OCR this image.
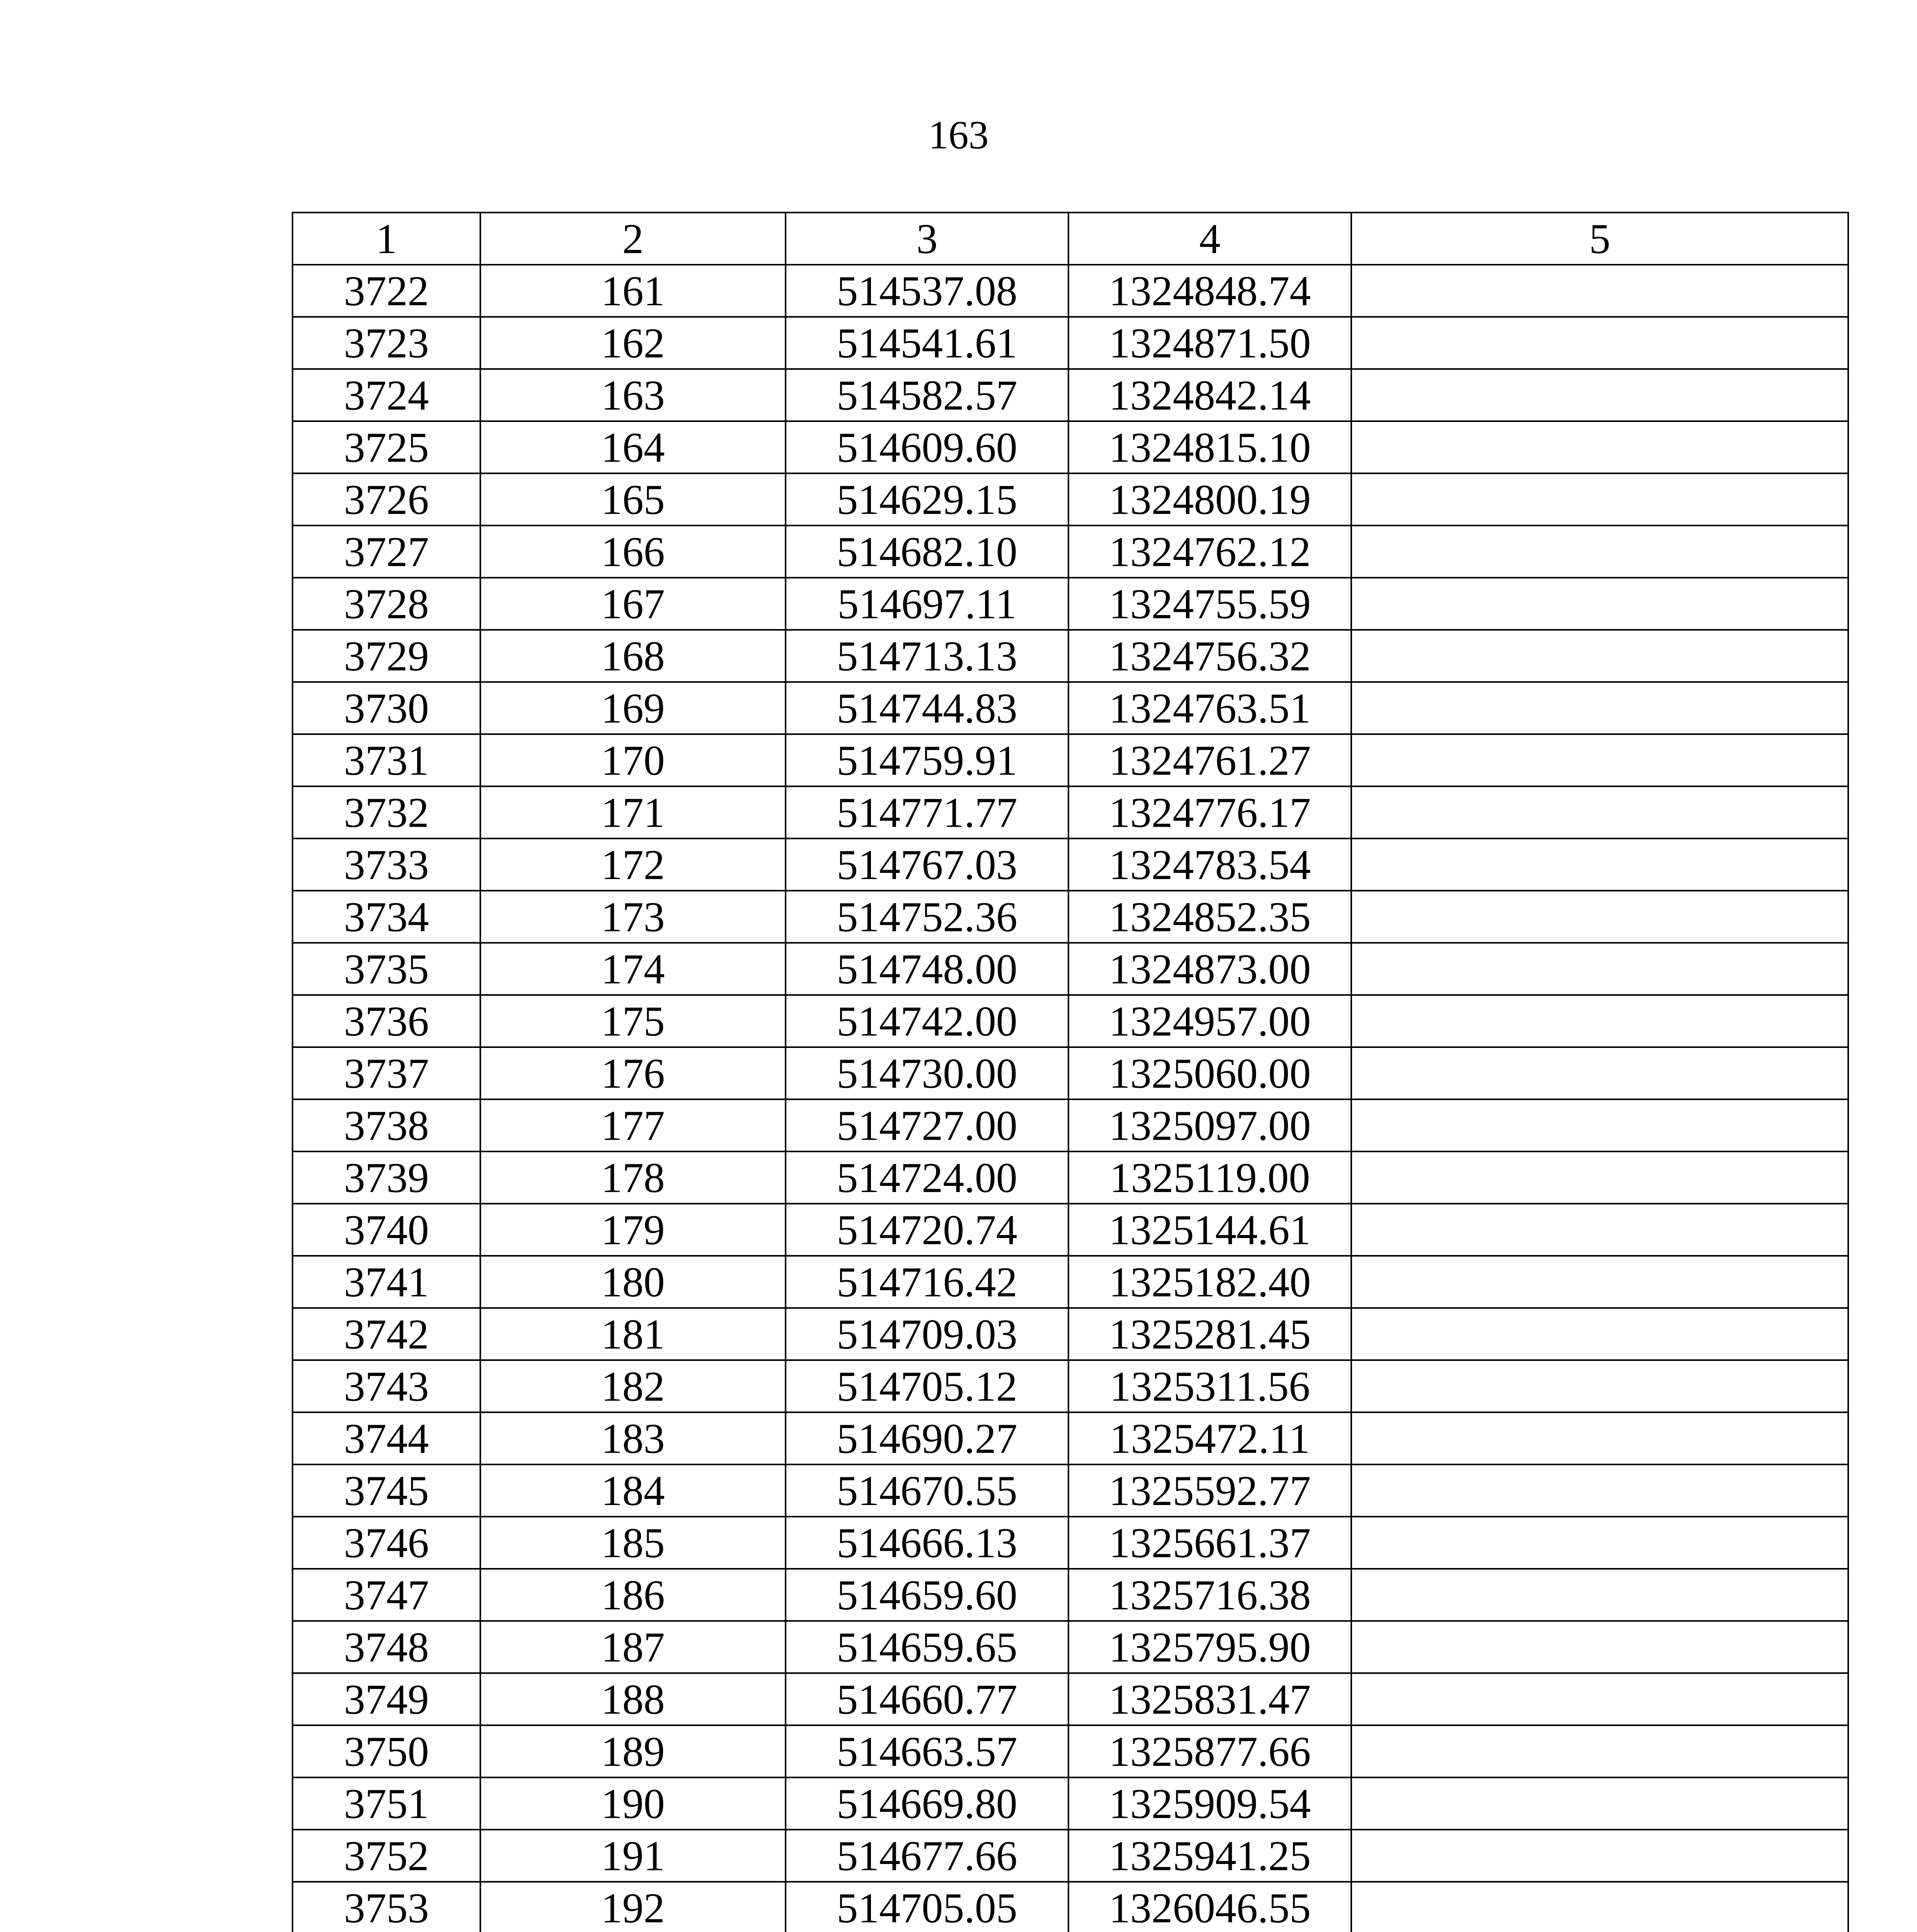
163
1	2	3	4	5
3722	161	514537.08	1324848.74	
3723	162	514541.61	1324871.50	
3724	163	514582.57	1324842.14	
3725	164	514609.60	1324815.10	
3726	165	514629.15	1324800.19	
3727	166	514682.10	1324762.12	
3728	167	514697.11	1324755.59	
3729	168	514713.13	1324756.32	
3730	169	514744.83	1324763.51	
3731	170	514759.91	1324761.27	
3732	171	514771.77	1324776.17	
3733	172	514767.03	1324783.54	
3734	173	514752.36	1324852.35	
3735	174	514748.00	1324873.00	
3736	175	514742.00	1324957.00	
3737	176	514730.00	1325060.00	
3738	177	514727.00	1325097.00	
3739	178	514724.00	1325119.00	
3740	179	514720.74	1325144.61	
3741	180	514716.42	1325182.40	
3742	181	514709.03	1325281.45	
3743	182	514705.12	1325311.56	
3744	183	514690.27	1325472.11	
3745	184	514670.55	1325592.77	
3746	185	514666.13	1325661.37	
3747	186	514659.60	1325716.38	
3748	187	514659.65	1325795.90	
3749	188	514660.77	1325831.47	
3750	189	514663.57	1325877.66	
3751	190	514669.80	1325909.54	
3752	191	514677.66	1325941.25	
3753	192	514705.05	1326046.55	
